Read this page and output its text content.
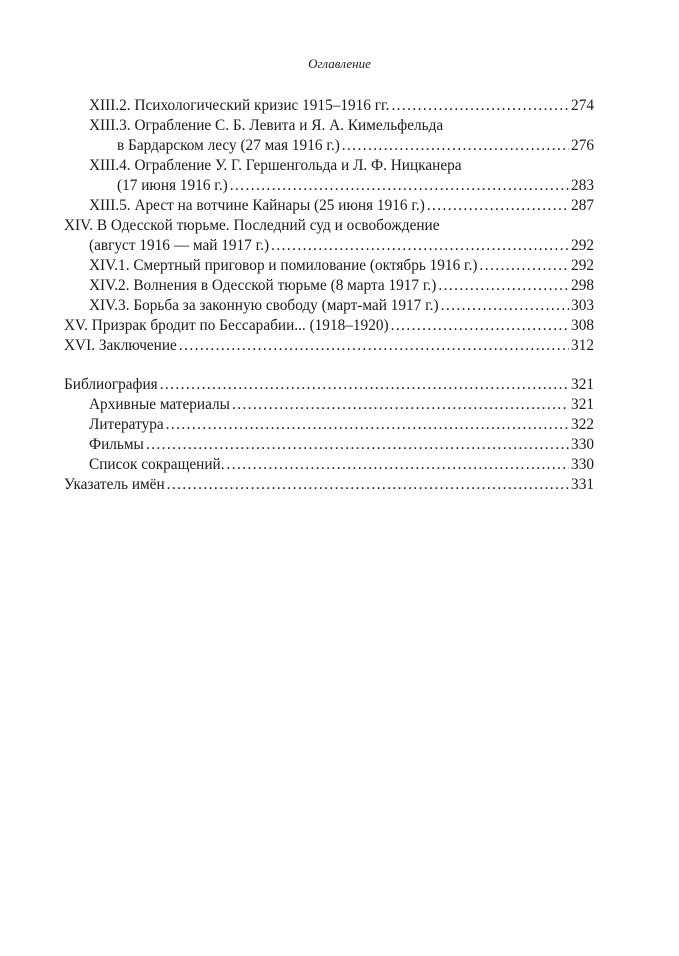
Оглавление
XIII.2. Психологический кризис 1915–1916 гг. . . .	274
XIII.3. Ограбление С. Б. Левита и Я. А. Кимельфельда
в Бардарском лесу (27 мая 1916 г.) . . .	276
XIII.4. Ограбление У. Г. Гершенгольда и Л. Ф. Ницканера
(17 июня 1916 г.) . . .	283
XIII.5. Арест на вотчине Кайнары (25 июня 1916 г.) . . .	287
XIV. В Одесской тюрьме. Последний суд и освобождение
(август 1916 — май 1917 г.) . . .	292
XIV.1. Смертный приговор и помилование (октябрь 1916 г.) . . .	292
XIV.2. Волнения в Одесской тюрьме (8 марта 1917 г.) . . .	298
XIV.3. Борьба за законную свободу (март-май 1917 г.) . . .	303
XV. Призрак бродит по Бессарабии... (1918–1920) . . .	308
XVI. Заключение . . .	312
Библиография . . .	321
Архивные материалы . . .	321
Литература . . .	322
Фильмы . . .	330
Список сокращений. . . .	330
Указатель имён . . .	331
